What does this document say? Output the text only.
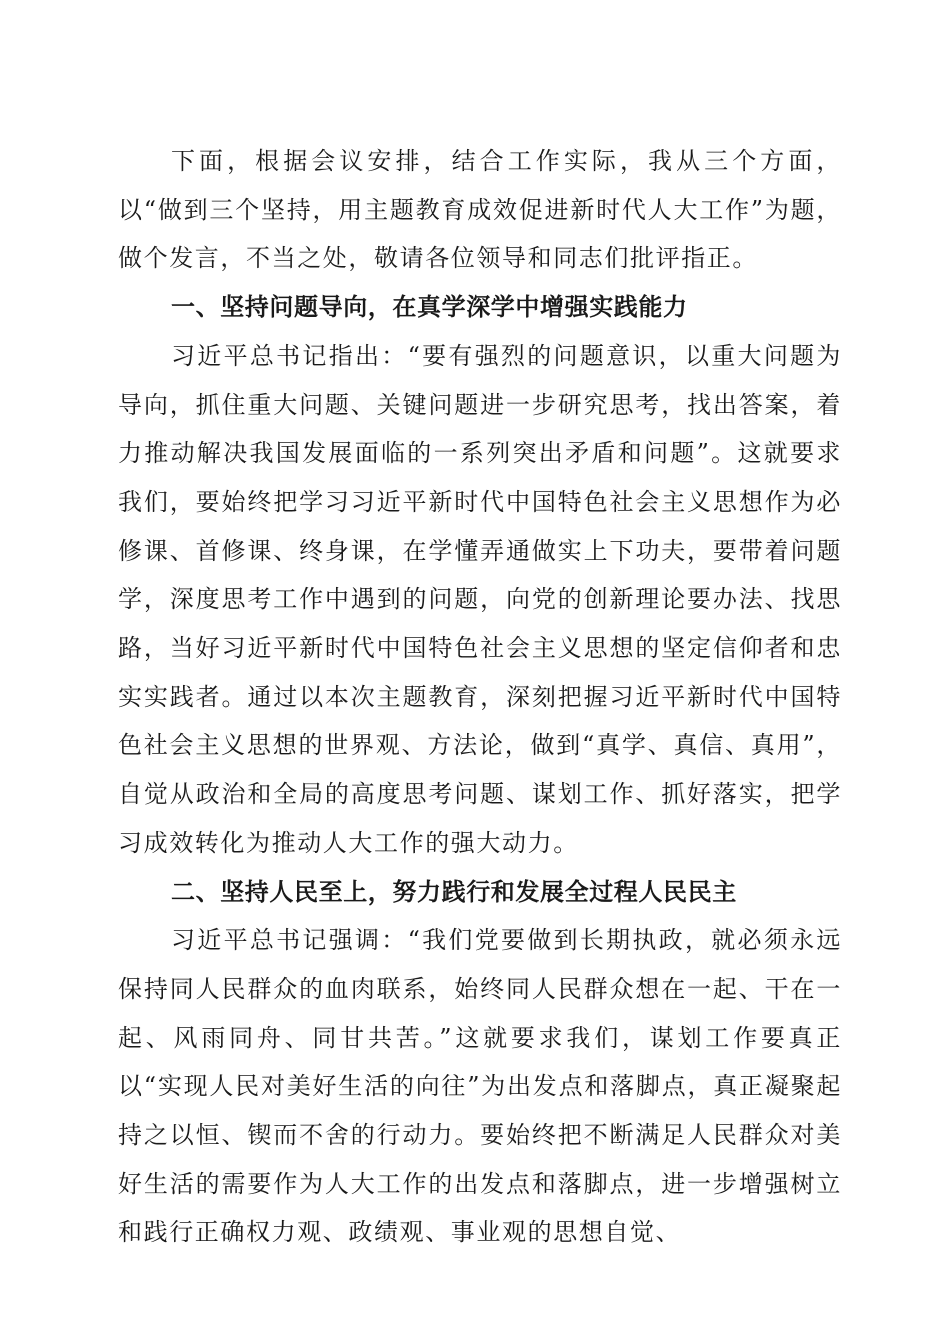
下面，根据会议安排，结合工作实际，我从三个方面，以“做到三个坚持，用主题教育成效促进新时代人大工作”为题，做个发言，不当之处，敬请各位领导和同志们批评指正。

一、坚持问题导向，在真学深学中增强实践能力

习近平总书记指出：“要有强烈的问题意识，以重大问题为导向，抓住重大问题、关键问题进一步研究思考，找出答案，着力推动解决我国发展面临的一系列突出矛盾和问题”。这就要求我们，要始终把学习习近平新时代中国特色社会主义思想作为必修课、首修课、终身课，在学懂弄通做实上下功夫，要带着问题学，深度思考工作中遇到的问题，向党的创新理论要办法、找思路，当好习近平新时代中国特色社会主义思想的坚定信仰者和忠实实践者。通过以本次主题教育，深刻把握习近平新时代中国特色社会主义思想的世界观、方法论，做到“真学、真信、真用”，自觉从政治和全局的高度思考问题、谋划工作、抓好落实，把学习成效转化为推动人大工作的强大动力。

二、坚持人民至上，努力践行和发展全过程人民民主

习近平总书记强调：“我们党要做到长期执政，就必须永远保持同人民群众的血肉联系，始终同人民群众想在一起、干在一起、风雨同舟、同甘共苦。”这就要求我们，谋划工作要真正以“实现人民对美好生活的向往”为出发点和落脚点，真正凝聚起持之以恒、锲而不舍的行动力。要始终把不断满足人民群众对美好生活的需要作为人大工作的出发点和落脚点，进一步增强树立和践行正确权力观、政绩观、事业观的思想自觉、
